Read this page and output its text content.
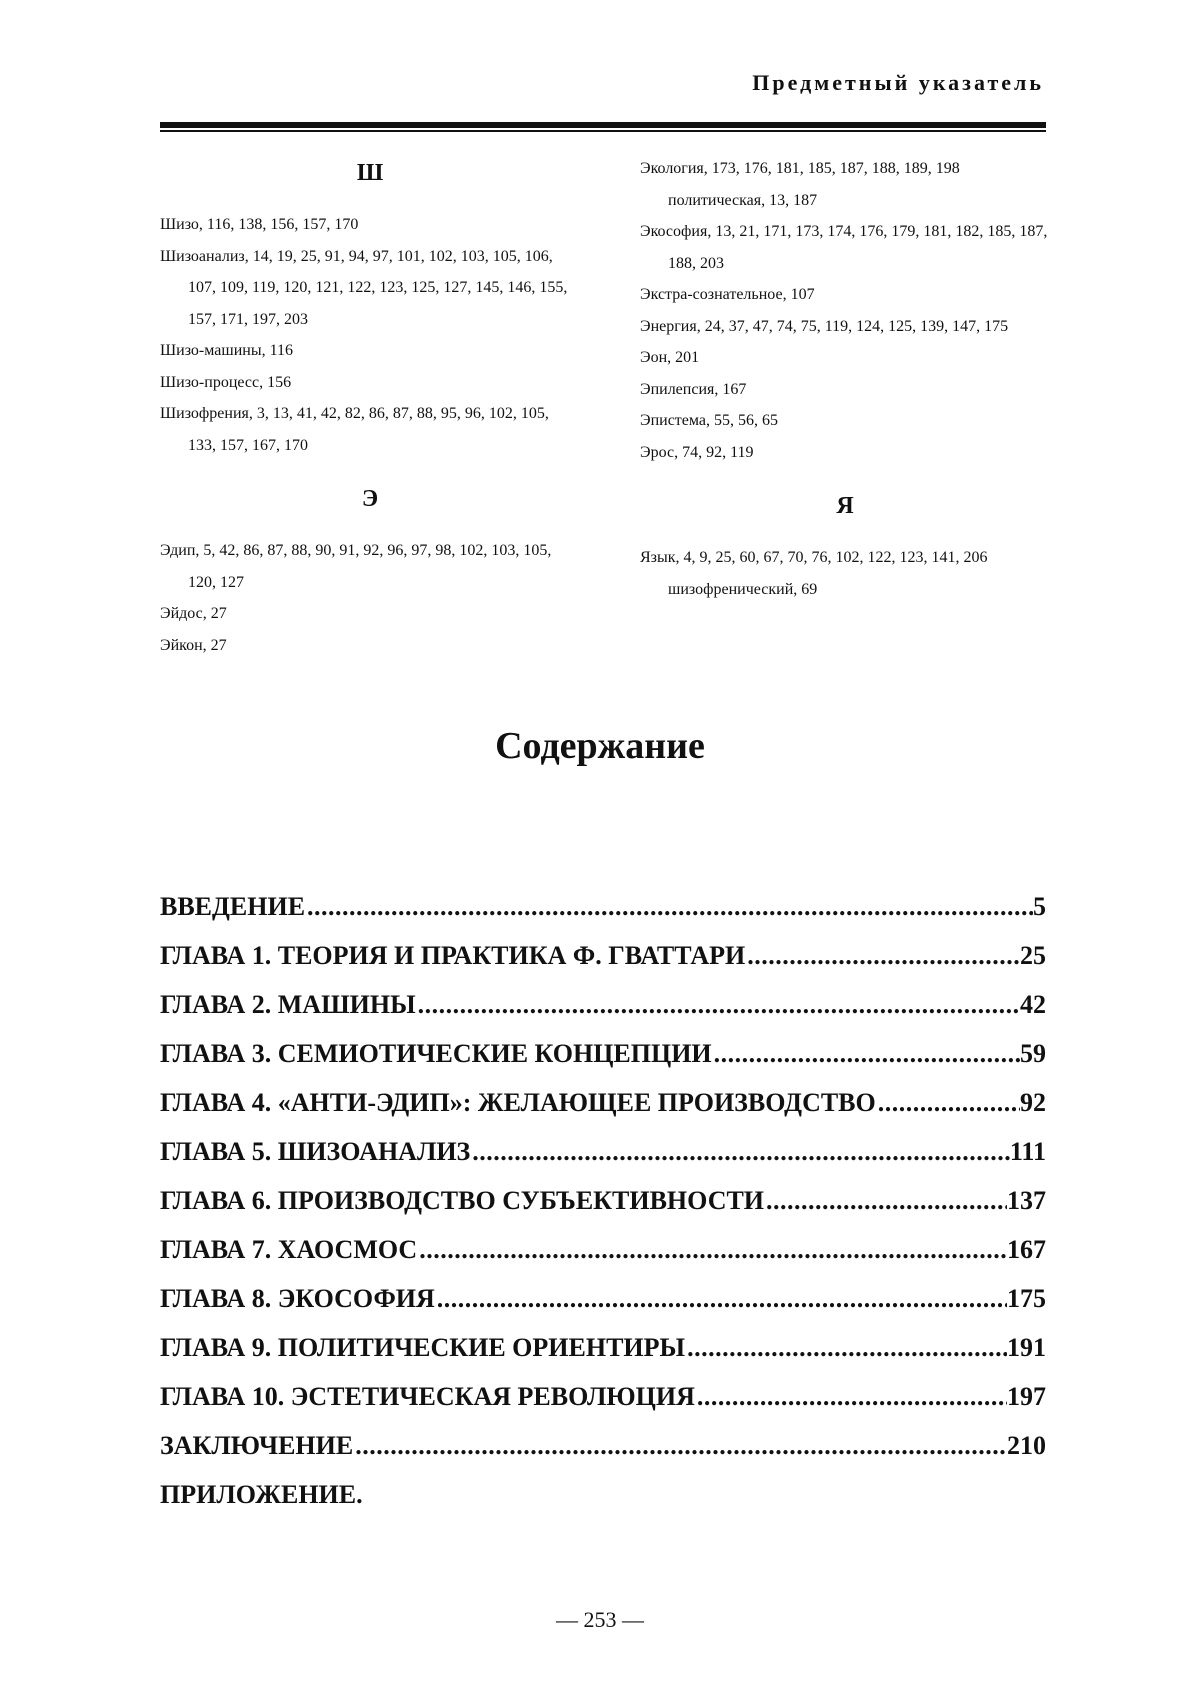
Предметный указатель
Ш
Шизо, 116, 138, 156, 157, 170
Шизоанализ, 14, 19, 25, 91, 94, 97, 101, 102, 103, 105, 106, 107, 109, 119, 120, 121, 122, 123, 125, 127, 145, 146, 155, 157, 171, 197, 203
Шизо-машины, 116
Шизо-процесс, 156
Шизофрения, 3, 13, 41, 42, 82, 86, 87, 88, 95, 96, 102, 105, 133, 157, 167, 170
Э
Эдип, 5, 42, 86, 87, 88, 90, 91, 92, 96, 97, 98, 102, 103, 105, 120, 127
Эйдос, 27
Эйкон, 27
Экология, 173, 176, 181, 185, 187, 188, 189, 198
политическая, 13, 187
Экософия, 13, 21, 171, 173, 174, 176, 179, 181, 182, 185, 187, 188, 203
Экстра-сознательное, 107
Энергия, 24, 37, 47, 74, 75, 119, 124, 125, 139, 147, 175
Эон, 201
Эпилепсия, 167
Эпистема, 55, 56, 65
Эрос, 74, 92, 119
Я
Язык, 4, 9, 25, 60, 67, 70, 76, 102, 122, 123, 141, 206
шизофренический, 69
Содержание
ВВЕДЕНИЕ .....	5
ГЛАВА 1. ТЕОРИЯ И ПРАКТИКА Ф. ГВАТТАРИ .....	25
ГЛАВА 2. МАШИНЫ .....	42
ГЛАВА 3. СЕМИОТИЧЕСКИЕ КОНЦЕПЦИИ .....	59
ГЛАВА 4. «АНТИ-ЭДИП»: ЖЕЛАЮЩЕЕ ПРОИЗВОДСТВО .....	92
ГЛАВА 5. ШИЗОАНАЛИЗ .....	111
ГЛАВА 6. ПРОИЗВОДСТВО СУБЪЕКТИВНОСТИ .....	137
ГЛАВА 7. ХАОСМОС .....	167
ГЛАВА 8. ЭКОСОФИЯ .....	175
ГЛАВА 9. ПОЛИТИЧЕСКИЕ ОРИЕНТИРЫ .....	191
ГЛАВА 10. ЭСТЕТИЧЕСКАЯ РЕВОЛЮЦИЯ .....	197
ЗАКЛЮЧЕНИЕ .....	210
ПРИЛОЖЕНИЕ.
— 253 —
